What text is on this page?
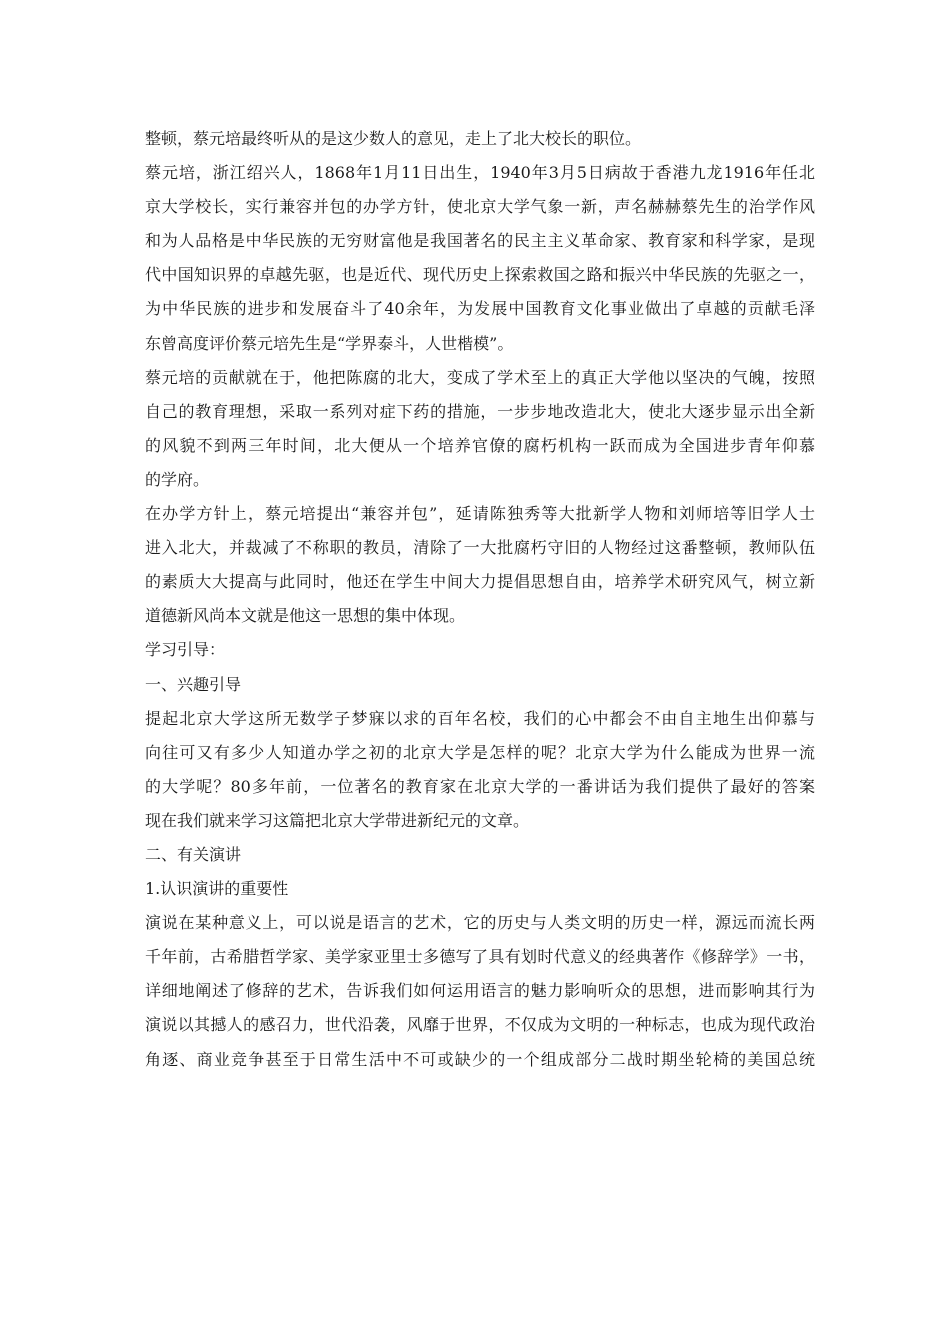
整顿，蔡元培最终听从的是这少数人的意见，走上了北大校长的职位。
蔡元培，浙江绍兴人，1868年1月11日出生，1940年3月5日病故于香港九龙1916年任北
京大学校长，实行兼容并包的办学方针，使北京大学气象一新，声名赫赫蔡先生的治学作风
和为人品格是中华民族的无穷财富他是我国著名的民主主义革命家、教育家和科学家，是现
代中国知识界的卓越先驱，也是近代、现代历史上探索救国之路和振兴中华民族的先驱之一，
为中华民族的进步和发展奋斗了40余年，为发展中国教育文化事业做出了卓越的贡献毛泽
东曾高度评价蔡元培先生是“学界泰斗，人世楷模”。
蔡元培的贡献就在于，他把陈腐的北大，变成了学术至上的真正大学他以坚决的气魄，按照
自己的教育理想，采取一系列对症下药的措施，一步步地改造北大，使北大逐步显示出全新
的风貌不到两三年时间，北大便从一个培养官僚的腐朽机构一跃而成为全国进步青年仰慕
的学府。
在办学方针上，蔡元培提出“兼容并包”，延请陈独秀等大批新学人物和刘师培等旧学人士
进入北大，并裁减了不称职的教员，清除了一大批腐朽守旧的人物经过这番整顿，教师队伍
的素质大大提高与此同时，他还在学生中间大力提倡思想自由，培养学术研究风气，树立新
道德新风尚本文就是他这一思想的集中体现。
学习引导：
一、兴趣引导
提起北京大学这所无数学子梦寐以求的百年名校，我们的心中都会不由自主地生出仰慕与
向往可又有多少人知道办学之初的北京大学是怎样的呢？北京大学为什么能成为世界一流
的大学呢？80多年前，一位著名的教育家在北京大学的一番讲话为我们提供了最好的答案
现在我们就来学习这篇把北京大学带进新纪元的文章。
二、有关演讲
1.认识演讲的重要性
演说在某种意义上，可以说是语言的艺术，它的历史与人类文明的历史一样，源远而流长两
千年前，古希腊哲学家、美学家亚里士多德写了具有划时代意义的经典著作《修辞学》一书，
详细地阐述了修辞的艺术，告诉我们如何运用语言的魅力影响听众的思想，进而影响其行为
演说以其撼人的感召力，世代沿袭，风靡于世界，不仅成为文明的一种标志，也成为现代政治
角逐、商业竞争甚至于日常生活中不可或缺少的一个组成部分二战时期坐轮椅的美国总统
